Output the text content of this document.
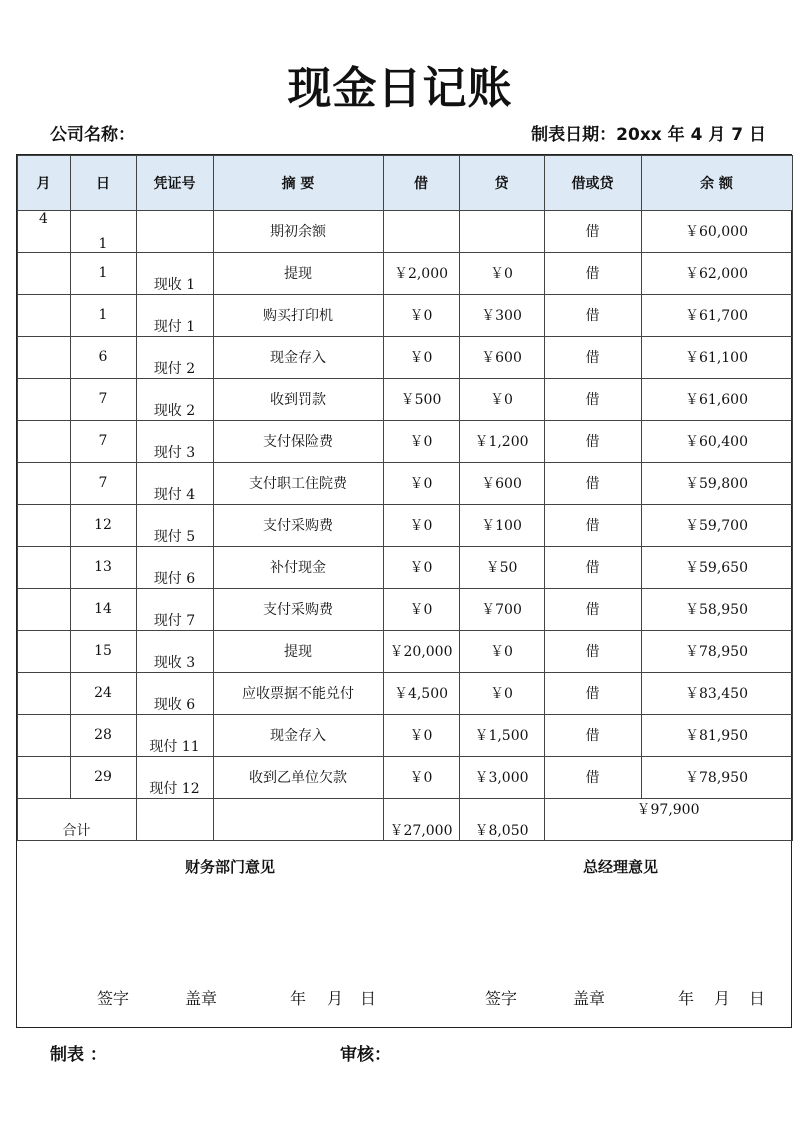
现金日记账
公司名称：	制表日期：20xx 年 4 月 7 日
月	日	凭证号	摘 要	借	贷	借或贷	余 额
4	1		期初余额			借	￥60,000
	1	现收 1	提现	￥2,000	￥0	借	￥62,000
	1	现付 1	购买打印机	￥0	￥300	借	￥61,700
	6	现付 2	现金存入	￥0	￥600	借	￥61,100
	7	现收 2	收到罚款	￥500	￥0	借	￥61,600
	7	现付 3	支付保险费	￥0	￥1,200	借	￥60,400
	7	现付 4	支付职工住院费	￥0	￥600	借	￥59,800
	12	现付 5	支付采购费	￥0	￥100	借	￥59,700
	13	现付 6	补付现金	￥0	￥50	借	￥59,650
	14	现付 7	支付采购费	￥0	￥700	借	￥58,950
	15	现收 3	提现	￥20,000	￥0	借	￥78,950
	24	现收 6	应收票据不能兑付	￥4,500	￥0	借	￥83,450
	28	现付 11	现金存入	￥0	￥1,500	借	￥81,950
	29	现付 12	收到乙单位欠款	￥0	￥3,000	借	￥78,950
合计				￥27,000	￥8,050	￥97,900	
财务部门意见	总经理意见
签字	盖章	年 月 日	签字	盖章	年 月 日
制表 ：	审核：
